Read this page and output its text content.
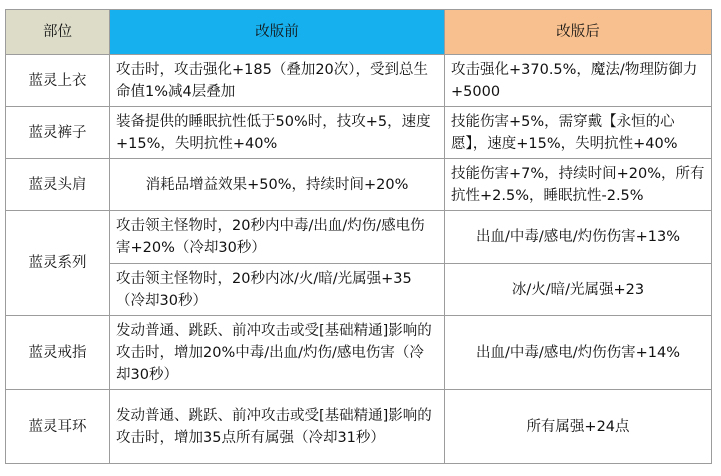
部位	改版前	改版后
蓝灵上衣	攻击时，攻击强化+185（叠加20次），受到总生命值1%减4层叠加	攻击强化+370.5%，魔法/物理防御力+5000
蓝灵裤子	装备提供的睡眠抗性低于50%时，技攻+5，速度+15%，失明抗性+40%	技能伤害+5%，需穿戴【永恒的心愿】，速度+15%，失明抗性+40%
蓝灵头肩	消耗品增益效果+50%，持续时间+20%	技能伤害+7%，持续时间+20%，所有抗性+2.5%，睡眠抗性-2.5%
蓝灵系列	攻击领主怪物时，20秒内中毒/出血/灼伤/感电伤害+20%（冷却30秒）	出血/中毒/感电/灼伤伤害+13%
	攻击领主怪物时，20秒内冰/火/暗/光属强+35（冷却30秒）	冰/火/暗/光属强+23
蓝灵戒指	发动普通、跳跃、前冲攻击或受[基础精通]影响的攻击时，增加20%中毒/出血/灼伤/感电伤害（冷却30秒）	出血/中毒/感电/灼伤伤害+14%
蓝灵耳环	发动普通、跳跃、前冲攻击或受[基础精通]影响的攻击时，增加35点所有属强（冷却31秒）	所有属强+24点
